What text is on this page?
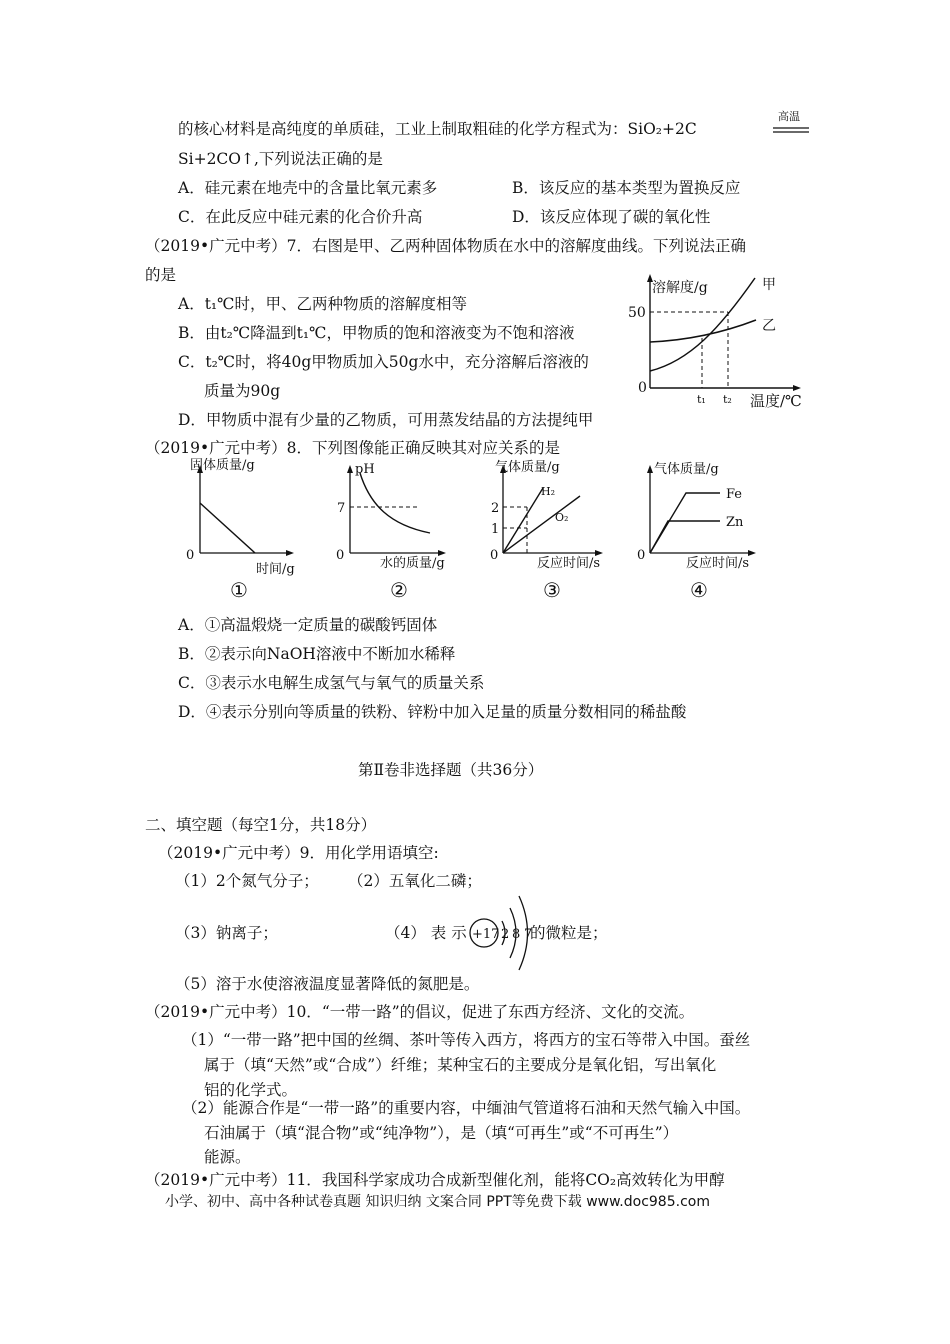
的核心材料是高纯度的单质硅，工业上制取粗硅的化学方程式为：SiO₂+2C
高温
Si+2CO↑,下列说法正确的是
A．硅元素在地壳中的含量比氧元素多	B．该反应的基本类型为置换反应
C．在此反应中硅元素的化合价升高	D．该反应体现了碳的氧化性
（2019•广元中考）7．右图是甲、乙两种固体物质在水中的溶解度曲线。下列说法正确
的是
A．t₁℃时，甲、乙两种物质的溶解度相等
B．由t₂℃降温到t₁℃，甲物质的饱和溶液变为不饱和溶液
C．t₂℃时，将40g甲物质加入50g水中，充分溶解后溶液的
质量为90g
D．甲物质中混有少量的乙物质，可用蒸发结晶的方法提纯甲
溶解度/g
温度/℃
50
0
t₁ t₂
甲
乙
（2019•广元中考）8．下列图像能正确反映其对应关系的是
固体质量/g
时间/g
0
①
pH
水的质量/g
0
7
②
气体质量/g
反应时间/s
0
2
1
H₂
O₂
③
气体质量/g
反应时间/s
0
Fe
Zn
④
A．①高温煅烧一定质量的碳酸钙固体
B．②表示向NaOH溶液中不断加水稀释
C．③表示水电解生成氢气与氧气的质量关系
D．④表示分别向等质量的铁粉、锌粉中加入足量的质量分数相同的稀盐酸
第Ⅱ卷非选择题（共36分）
二、填空题（每空1分，共18分）
（2019•广元中考）9．用化学用语填空:
（1）2个氮气分子； （2）五氧化二磷；
（3）钠离子；	（4） 表 示 +17 2 8 7
的微粒是；
（5）溶于水使溶液温度显著降低的氮肥是。
（2019•广元中考）10．“一带一路”的倡议，促进了东西方经济、文化的交流。
（1）“一带一路”把中国的丝绸、茶叶等传入西方，将西方的宝石等带入中国。蚕丝
属于（填“天然”或“合成”）纤维；某种宝石的主要成分是氧化铝，写出氧化
铝的化学式。
（2）能源合作是“一带一路”的重要内容，中缅油气管道将石油和天然气输入中国。
石油属于（填“混合物”或“纯净物”），是（填“可再生”或“不可再生”）
能源。
（2019•广元中考）11．我国科学家成功合成新型催化剂，能将CO₂高效转化为甲醇
小学、初中、高中各种试卷真题 知识归纳 文案合同 PPT等免费下载 www.doc985.com
